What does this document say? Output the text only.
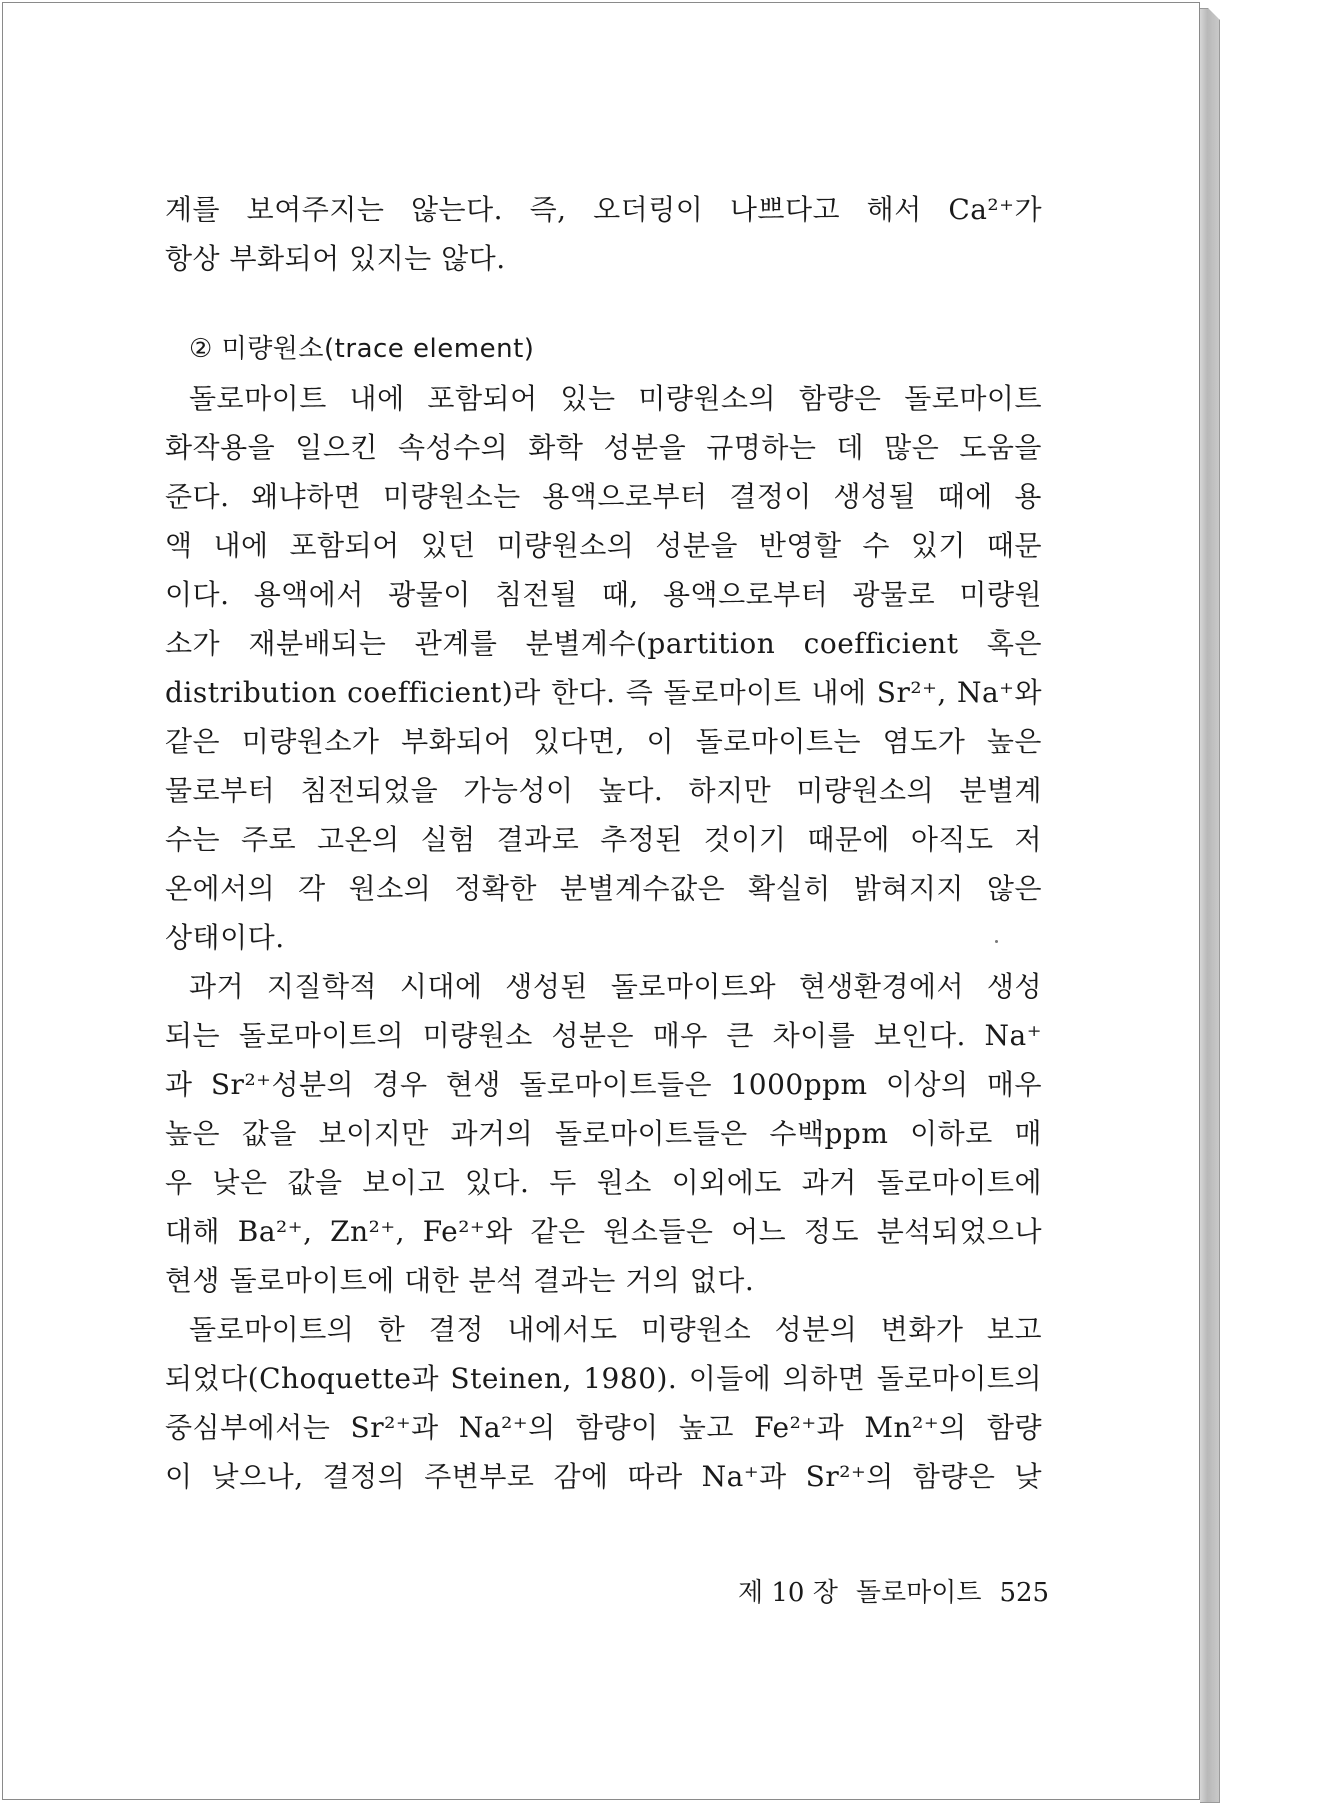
계를 보여주지는 않는다. 즉, 오더링이 나쁘다고 해서 Ca²⁺가
항상 부화되어 있지는 않다.
② 미량원소(trace element)
돌로마이트 내에 포함되어 있는 미량원소의 함량은 돌로마이트
화작용을 일으킨 속성수의 화학 성분을 규명하는 데 많은 도움을
준다. 왜냐하면 미량원소는 용액으로부터 결정이 생성될 때에 용
액 내에 포함되어 있던 미량원소의 성분을 반영할 수 있기 때문
이다. 용액에서 광물이 침전될 때, 용액으로부터 광물로 미량원
소가 재분배되는 관계를 분별계수(partition coefficient 혹은
distribution coefficient)라 한다. 즉 돌로마이트 내에 Sr²⁺, Na⁺와
같은 미량원소가 부화되어 있다면, 이 돌로마이트는 염도가 높은
물로부터 침전되었을 가능성이 높다. 하지만 미량원소의 분별계
수는 주로 고온의 실험 결과로 추정된 것이기 때문에 아직도 저
온에서의 각 원소의 정확한 분별계수값은 확실히 밝혀지지 않은
상태이다.
과거 지질학적 시대에 생성된 돌로마이트와 현생환경에서 생성
되는 돌로마이트의 미량원소 성분은 매우 큰 차이를 보인다. Na⁺
과 Sr²⁺성분의 경우 현생 돌로마이트들은 1000ppm 이상의 매우
높은 값을 보이지만 과거의 돌로마이트들은 수백ppm 이하로 매
우 낮은 값을 보이고 있다. 두 원소 이외에도 과거 돌로마이트에
대해 Ba²⁺, Zn²⁺, Fe²⁺와 같은 원소들은 어느 정도 분석되었으나
현생 돌로마이트에 대한 분석 결과는 거의 없다.
돌로마이트의 한 결정 내에서도 미량원소 성분의 변화가 보고
되었다(Choquette과 Steinen, 1980). 이들에 의하면 돌로마이트의
중심부에서는 Sr²⁺과 Na²⁺의 함량이 높고 Fe²⁺과 Mn²⁺의 함량
이 낮으나, 결정의 주변부로 감에 따라 Na⁺과 Sr²⁺의 함량은 낮
제 10 장 돌로마이트 525
